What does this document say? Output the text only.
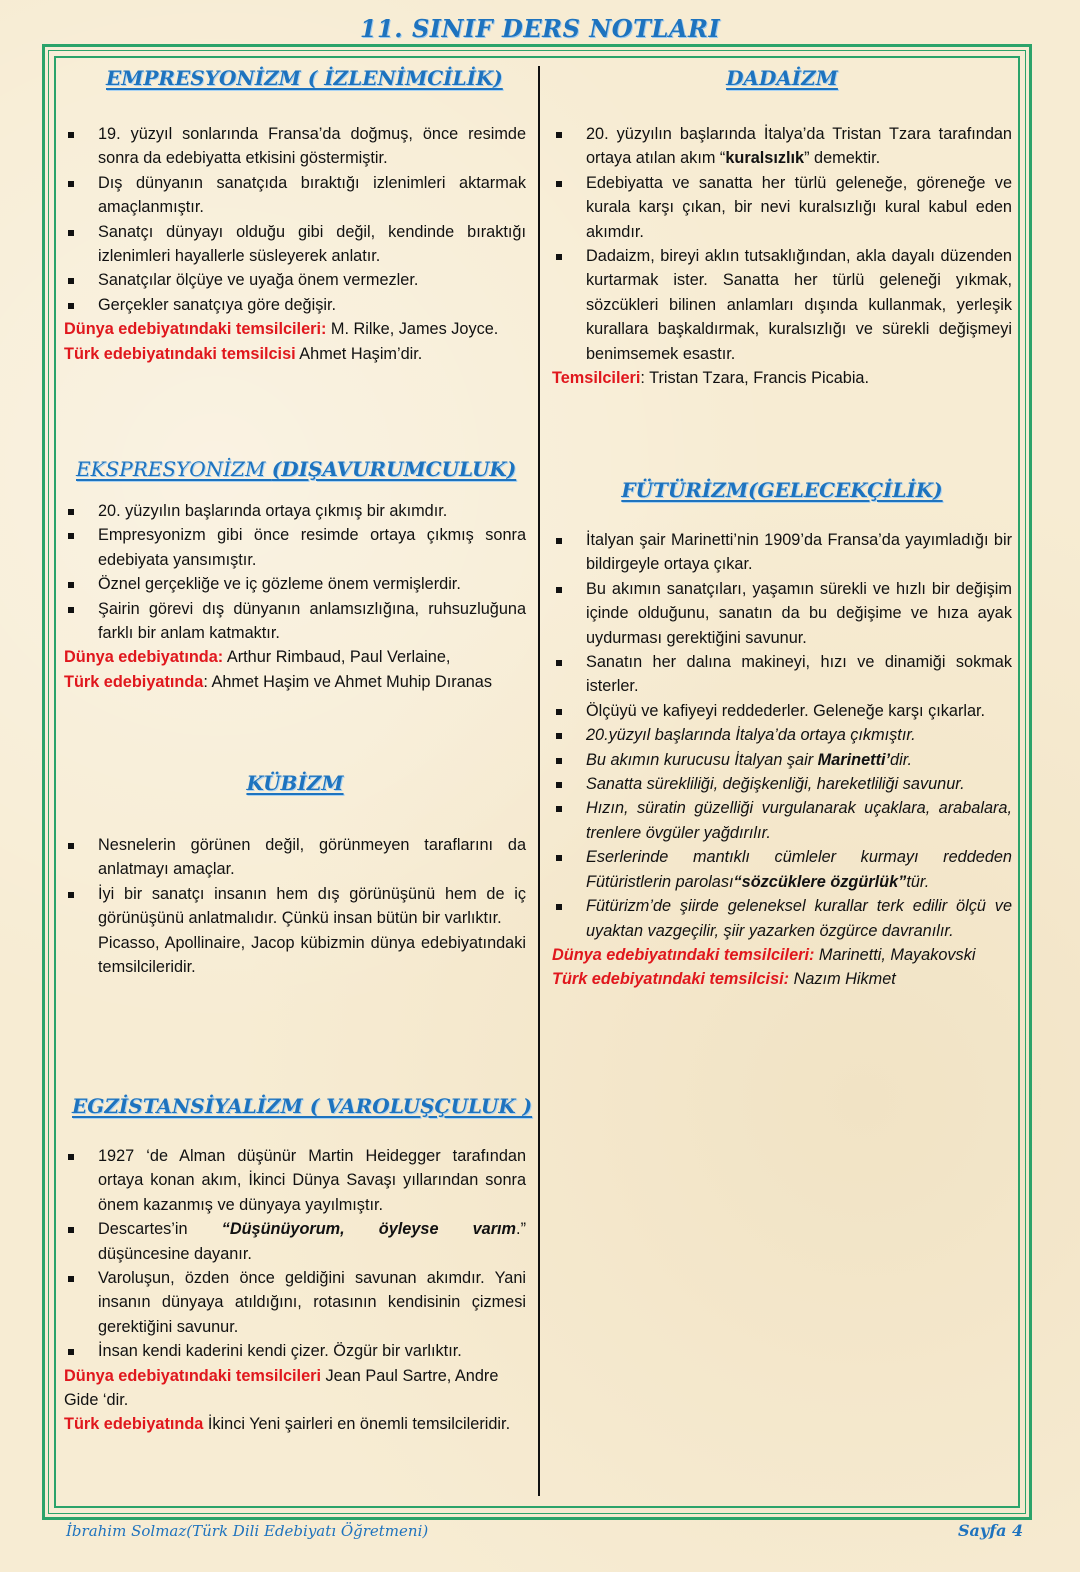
11. SINIF DERS NOTLARI
EMPRESYONİZM ( İZLENİMCİLİK)
19. yüzyıl sonlarında Fransa’da doğmuş, önce resimde sonra da edebiyatta etkisini göstermiştir.
Dış dünyanın sanatçıda bıraktığı izlenimleri aktarmak amaçlanmıştır.
Sanatçı dünyayı olduğu gibi değil, kendinde bıraktığı izlenimleri hayallerle süsleyerek anlatır.
Sanatçılar ölçüye ve uyağa önem vermezler.
Gerçekler sanatçıya göre değişir.
Dünya edebiyatındaki temsilcileri: M. Rilke, James Joyce.
Türk edebiyatındaki temsilcisi Ahmet Haşim’dir.
DADAİZM
20. yüzyılın başlarında İtalya’da Tristan Tzara tarafından ortaya atılan akım “kuralsızlık” demektir.
Edebiyatta ve sanatta her türlü geleneğe, göreneğe ve kurala karşı çıkan, bir nevi kuralsızlığı kural kabul eden akımdır.
Dadaizm, bireyi aklın tutsaklığından, akla dayalı düzenden kurtarmak ister. Sanatta her türlü geleneği yıkmak, sözcükleri bilinen anlamları dışında kullanmak, yerleşik kurallara başkaldırmak, kuralsızlığı ve sürekli değişmeyi benimsemek esastır.
Temsilcileri: Tristan Tzara, Francis Picabia.
EKSPRESYONİZM (DIŞAVURUMCULUK)
20. yüzyılın başlarında ortaya çıkmış bir akımdır.
Empresyonizm gibi önce resimde ortaya çıkmış sonra edebiyata yansımıştır.
Öznel gerçekliğe ve iç gözleme önem vermişlerdir.
Şairin görevi dış dünyanın anlamsızlığına, ruhsuzluğuna farklı bir anlam katmaktır.
Dünya edebiyatında: Arthur Rimbaud, Paul Verlaine,
Türk edebiyatında: Ahmet Haşim ve Ahmet Muhip Dıranas
FÜTÜRİZM(GELECEKÇİLİK)
İtalyan şair Marinetti’nin 1909’da Fransa’da yayımladığı bir bildirgeyle ortaya çıkar.
Bu akımın sanatçıları, yaşamın sürekli ve hızlı bir değişim içinde olduğunu, sanatın da bu değişime ve hıza ayak uydurması gerektiğini savunur.
Sanatın her dalına makineyi, hızı ve dinamiği sokmak isterler.
Ölçüyü ve kafiyeyi reddederler. Geleneğe karşı çıkarlar.
20.yüzyıl başlarında İtalya’da ortaya çıkmıştır.
Bu akımın kurucusu İtalyan şair Marinetti’dir.
Sanatta sürekliliği, değişkenliği, hareketliliği savunur.
Hızın, süratin güzelliği vurgulanarak uçaklara, arabalara, trenlere övgüler yağdırılır.
Eserlerinde mantıklı cümleler kurmayı reddeden Fütüristlerin parolası“sözcüklere özgürlük”tür.
Fütürizm’de şiirde geleneksel kurallar terk edilir ölçü ve uyaktan vazgeçilir, şiir yazarken özgürce davranılır.
Dünya edebiyatındaki temsilcileri: Marinetti, Mayakovski
Türk edebiyatındaki temsilcisi: Nazım Hikmet
KÜBİZM
Nesnelerin görünen değil, görünmeyen taraflarını da anlatmayı amaçlar.
İyi bir sanatçı insanın hem dış görünüşünü hem de iç görünüşünü anlatmalıdır. Çünkü insan bütün bir varlıktır.
Picasso, Apollinaire, Jacop kübizmin dünya edebiyatındaki temsilcileridir.
EGZİSTANSİYALİZM ( VAROLUŞÇULUK )
1927 ‘de Alman düşünür Martin Heidegger tarafından ortaya konan akım, İkinci Dünya Savaşı yıllarından sonra önem kazanmış ve dünyaya yayılmıştır.
Descartes’in “Düşünüyorum, öyleyse varım.” düşüncesine dayanır.
Varoluşun, özden önce geldiğini savunan akımdır. Yani insanın dünyaya atıldığını, rotasının kendisinin çizmesi gerektiğini savunur.
İnsan kendi kaderini kendi çizer. Özgür bir varlıktır.
Dünya edebiyatındaki temsilcileri Jean Paul Sartre, Andre Gide ‘dir.
Türk edebiyatında İkinci Yeni şairleri en önemli temsilcileridir.
İbrahim Solmaz(Türk Dili Edebiyatı Öğretmeni)	Sayfa 4
